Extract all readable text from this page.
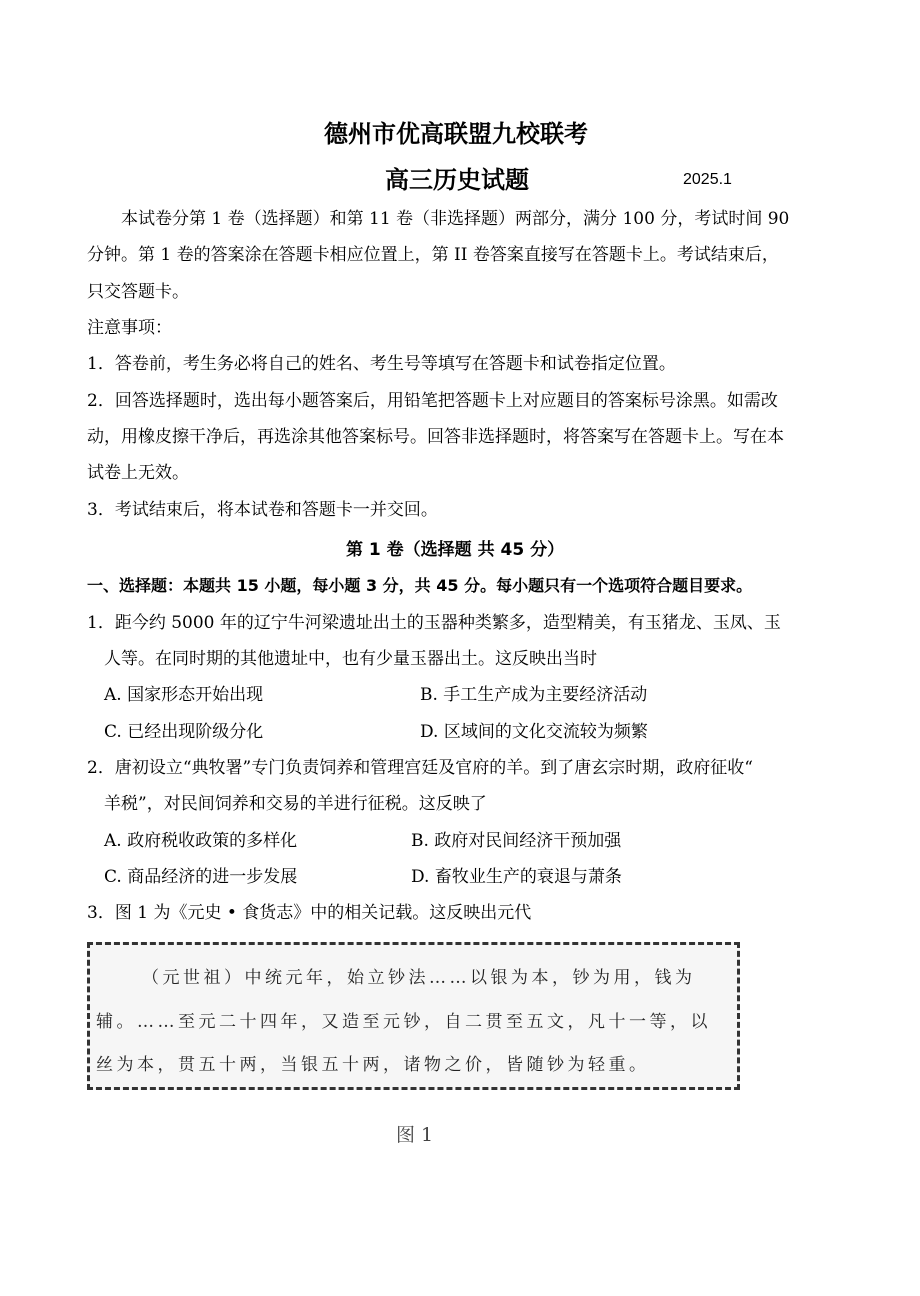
德州市优高联盟九校联考
高三历史试题	2025.1
本试卷分第 1 卷（选择题）和第 11 卷（非选择题）两部分，满分 100 分，考试时间 90
分钟。第 1 卷的答案涂在答题卡相应位置上，第 II 卷答案直接写在答题卡上。考试结束后，
只交答题卡。
注意事项：
1．答卷前，考生务必将自己的姓名、考生号等填写在答题卡和试卷指定位置。
2．回答选择题时，选出每小题答案后，用铅笔把答题卡上对应题目的答案标号涂黑。如需改
动，用橡皮擦干净后，再选涂其他答案标号。回答非选择题时，将答案写在答题卡上。写在本
试卷上无效。
3．考试结束后，将本试卷和答题卡一并交回。
第 1 卷（选择题 共 45 分）
一、选择题：本题共 15 小题，每小题 3 分，共 45 分。每小题只有一个选项符合题目要求。
1．距今约 5000 年的辽宁牛河梁遗址出土的玉器种类繁多，造型精美，有玉猪龙、玉凤、玉
人等。在同时期的其他遗址中，也有少量玉器出土。这反映出当时
A. 国家形态开始出现	B. 手工生产成为主要经济活动
C. 已经出现阶级分化	D. 区域间的文化交流较为频繁
2．唐初设立“典牧署”专门负责饲养和管理宫廷及官府的羊。到了唐玄宗时期，政府征收“
羊税”，对民间饲养和交易的羊进行征税。这反映了
A. 政府税收政策的多样化	B. 政府对民间经济干预加强
C. 商品经济的进一步发展	D. 畜牧业生产的衰退与萧条
3．图 1 为《元史 • 食货志》中的相关记载。这反映出元代
（元世祖）中统元年，始立钞法……以银为本，钞为用，钱为
辅。……至元二十四年，又造至元钞，自二贯至五文，凡十一等，以
丝为本，贯五十两，当银五十两，诸物之价，皆随钞为轻重。
图 1
